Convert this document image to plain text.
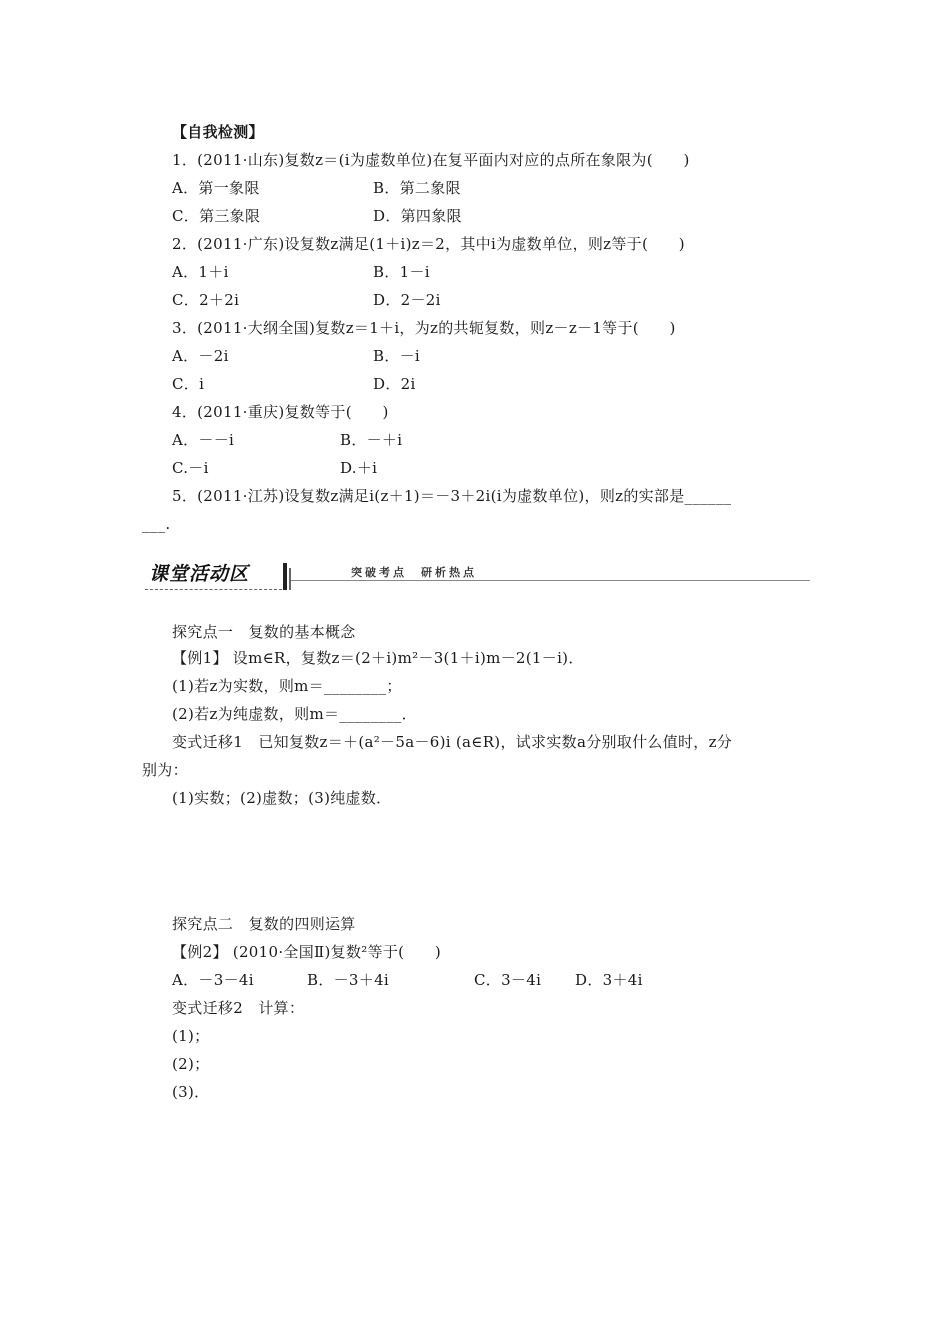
【自我检测】
1．(2011·山东)复数z＝(i为虚数单位)在复平面内对应的点所在象限为(　　)
A．第一象限	B．第二象限
C．第三象限	D．第四象限
2．(2011·广东)设复数z满足(1＋i)z＝2，其中i为虚数单位，则z等于(　　)
A．1＋i	B．1－i
C．2＋2i	D．2－2i
3．(2011·大纲全国)复数z＝1＋i，为z的共轭复数，则z－z－1等于(　　)
A．－2i	B．－i
C．i	D．2i
4．(2011·重庆)复数等于(　　)
A．－－i	B．－＋i
C.－i	D.＋i
5．(2011·江苏)设复数z满足i(z＋1)＝－3＋2i(i为虚数单位)，则z的实部是______
___.
课堂活动区	突破考点　研析热点
探究点一　复数的基本概念
【例1】 设m∈R，复数z＝(2＋i)m²－3(1＋i)m－2(1－i)．
(1)若z为实数，则m＝________；
(2)若z为纯虚数，则m＝________．
变式迁移1　已知复数z＝＋(a²－5a－6)i (a∈R)，试求实数a分别取什么值时，z分
别为：
(1)实数；(2)虚数；(3)纯虚数．
探究点二　复数的四则运算
【例2】 (2010·全国Ⅱ)复数²等于(　　)
A．－3－4i	B．－3＋4i	C．3－4i D．3＋4i
变式迁移2　计算：
(1)；
(2)；
(3)．
